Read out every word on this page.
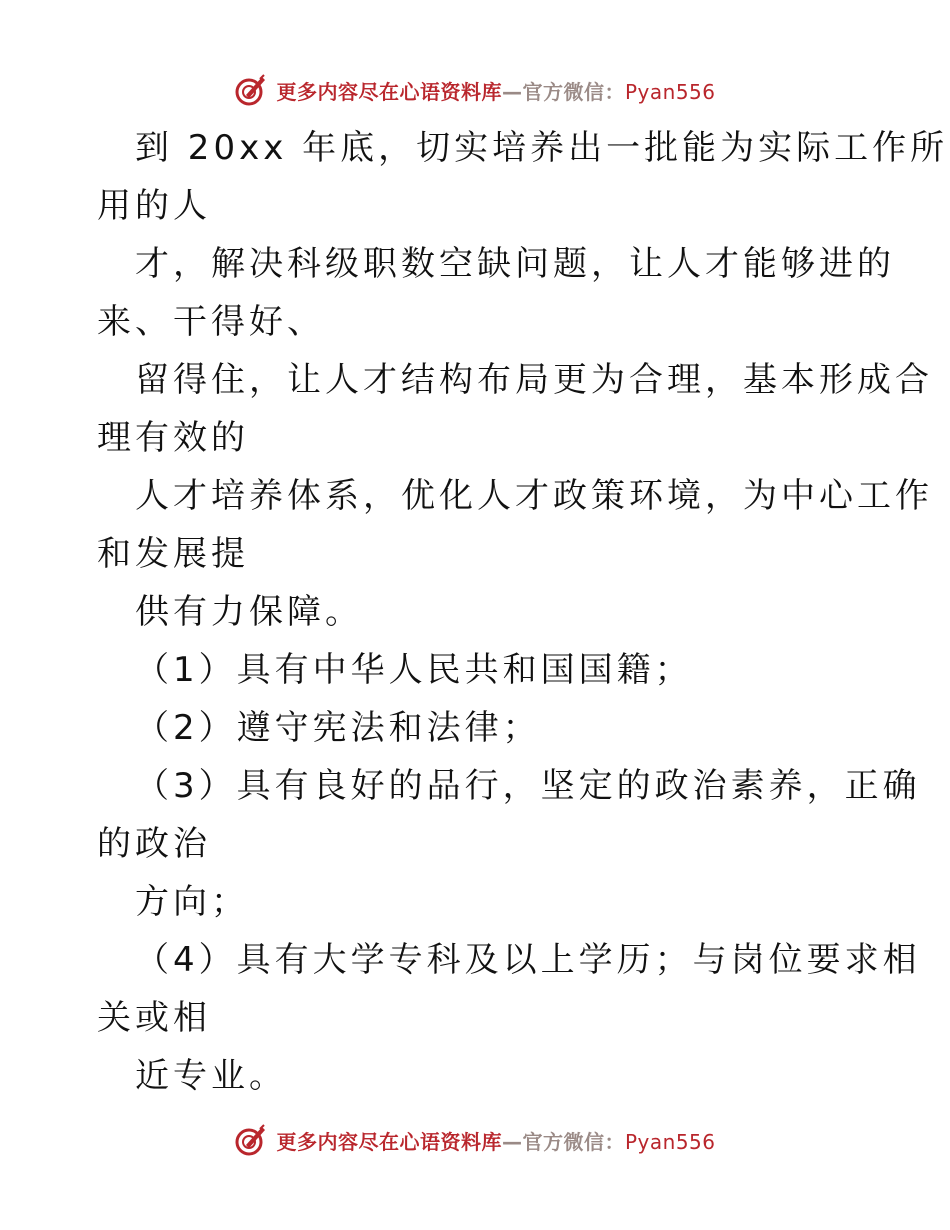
更多内容尽在心语资料库—官方微信：Pyan556
到 20xx 年底，切实培养出一批能为实际工作所
用的人
才，解决科级职数空缺问题，让人才能够进的
来、干得好、
留得住，让人才结构布局更为合理，基本形成合
理有效的
人才培养体系，优化人才政策环境，为中心工作
和发展提
供有力保障。
（1）具有中华人民共和国国籍；
（2）遵守宪法和法律；
（3）具有良好的品行，坚定的政治素养，正确
的政治
方向；
（4）具有大学专科及以上学历；与岗位要求相
关或相
近专业。
更多内容尽在心语资料库—官方微信：Pyan556
